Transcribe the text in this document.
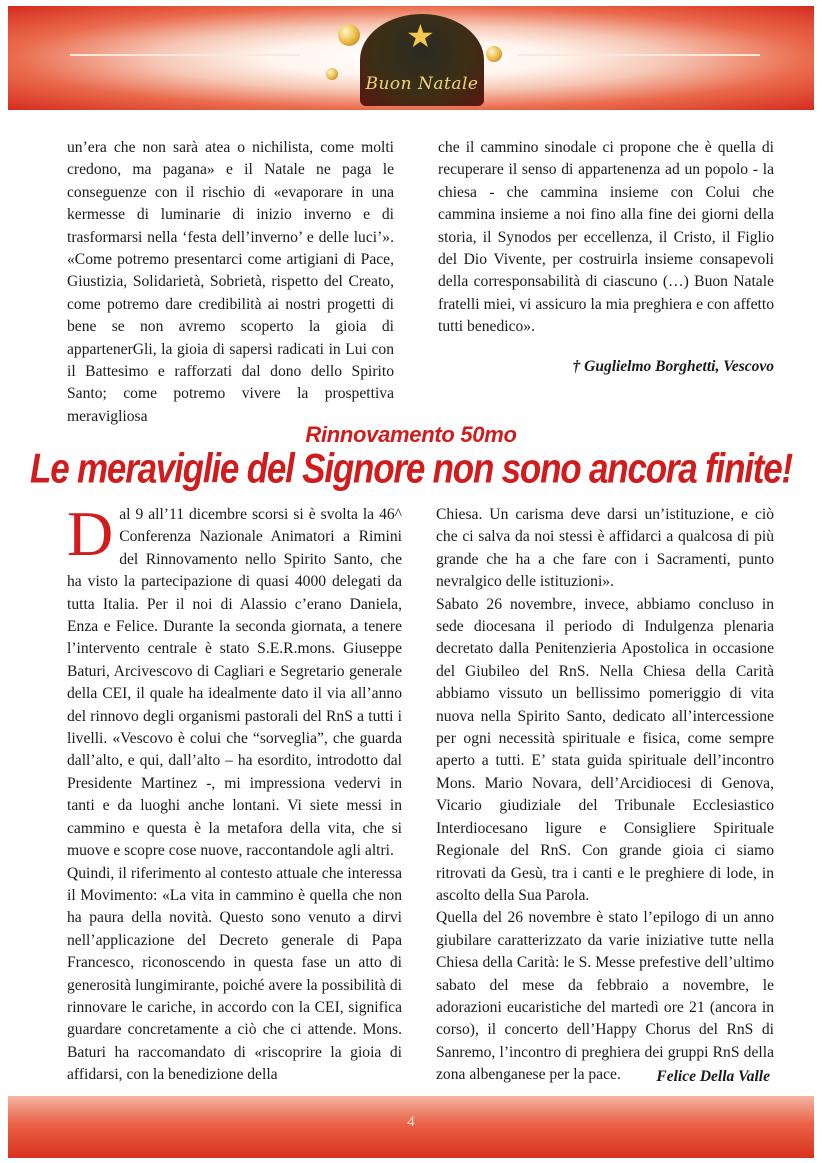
★
Buon Natale

un’era che non sarà atea o nichilista, come molti credono, ma pagana» e il Natale ne paga le conseguenze con il rischio di «evaporare in una kermesse di luminarie di inizio inverno e di trasformarsi nella ‘festa dell’inverno’ e delle luci’». «Come potremo presentarci come artigiani di Pace, Giustizia, Solidarietà, Sobrietà, rispetto del Creato, come potremo dare credibilità ai nostri progetti di bene se non avremo scoperto la gioia di appartenerGli, la gioia di sapersi radicati in Lui con il Battesimo e rafforzati dal dono dello Spirito Santo; come potremo vivere la prospettiva meravigliosa

che il cammino sinodale ci propone che è quella di recuperare il senso di appartenenza ad un popolo - la chiesa - che cammina insieme con Colui che cammina insieme a noi fino alla fine dei giorni della storia, il Synodos per eccellenza, il Cristo, il Figlio del Dio Vivente, per costruirla insieme consapevoli della corresponsabilità di ciascuno (…) Buon Natale fratelli miei, vi assicuro la mia preghiera e con affetto tutti benedico».

† Guglielmo Borghetti, Vescovo
Rinnovamento 50mo
Le meraviglie del Signore non sono ancora finite!

Dal 9 all’11 dicembre scorsi si è svolta la 46^ Conferenza Nazionale Animatori a Rimini del Rinnovamento nello Spirito Santo, che ha visto la partecipazione di quasi 4000 delegati da tutta Italia. Per il noi di Alassio c’erano Daniela, Enza e Felice. Durante la seconda giornata, a tenere l’intervento centrale è stato S.E.R.mons. Giuseppe Baturi, Arcivescovo di Cagliari e Segretario generale della CEI, il quale ha idealmente dato il via all’anno del rinnovo degli organismi pastorali del RnS a tutti i livelli. «Vescovo è colui che “sorveglia”, che guarda dall’alto, e qui, dall’alto – ha esordito, introdotto dal Presidente Martinez -, mi impressiona vedervi in tanti e da luoghi anche lontani. Vi siete messi in cammino e questa è la metafora della vita, che si muove e scopre cose nuove, raccontandole agli altri.

Quindi, il riferimento al contesto attuale che interessa il Movimento: «La vita in cammino è quella che non ha paura della novità. Questo sono venuto a dirvi nell’applicazione del Decreto generale di Papa Francesco, riconoscendo in questa fase un atto di generosità lungimirante, poiché avere la possibilità di rinnovare le cariche, in accordo con la CEI, significa guardare concretamente a ciò che ci attende. Mons. Baturi ha raccomandato di «riscoprire la gioia di affidarsi, con la benedizione della

Chiesa. Un carisma deve darsi un’istituzione, e ciò che ci salva da noi stessi è affidarci a qualcosa di più grande che ha a che fare con i Sacramenti, punto nevralgico delle istituzioni».

Sabato 26 novembre, invece, abbiamo concluso in sede diocesana il periodo di Indulgenza plenaria decretato dalla Penitenzieria Apostolica in occasione del Giubileo del RnS. Nella Chiesa della Carità abbiamo vissuto un bellissimo pomeriggio di vita nuova nella Spirito Santo, dedicato all’intercessione per ogni necessità spirituale e fisica, come sempre aperto a tutti. E’ stata guida spirituale dell’incontro Mons. Mario Novara, dell’Arcidiocesi di Genova, Vicario giudiziale del Tribunale Ecclesiastico Interdiocesano ligure e Consigliere Spirituale Regionale del RnS. Con grande gioia ci siamo ritrovati da Gesù, tra i canti e le preghiere di lode, in ascolto della Sua Parola.

Quella del 26 novembre è stato l’epilogo di un anno giubilare caratterizzato da varie iniziative tutte nella Chiesa della Carità: le S. Messe prefestive dell’ultimo sabato del mese da febbraio a novembre, le adorazioni eucaristiche del martedì ore 21 (ancora in corso), il concerto dell’Happy Chorus del RnS di Sanremo, l’incontro di preghiera dei gruppi RnS della zona albenganese per la pace.	Felice Della Valle
4
